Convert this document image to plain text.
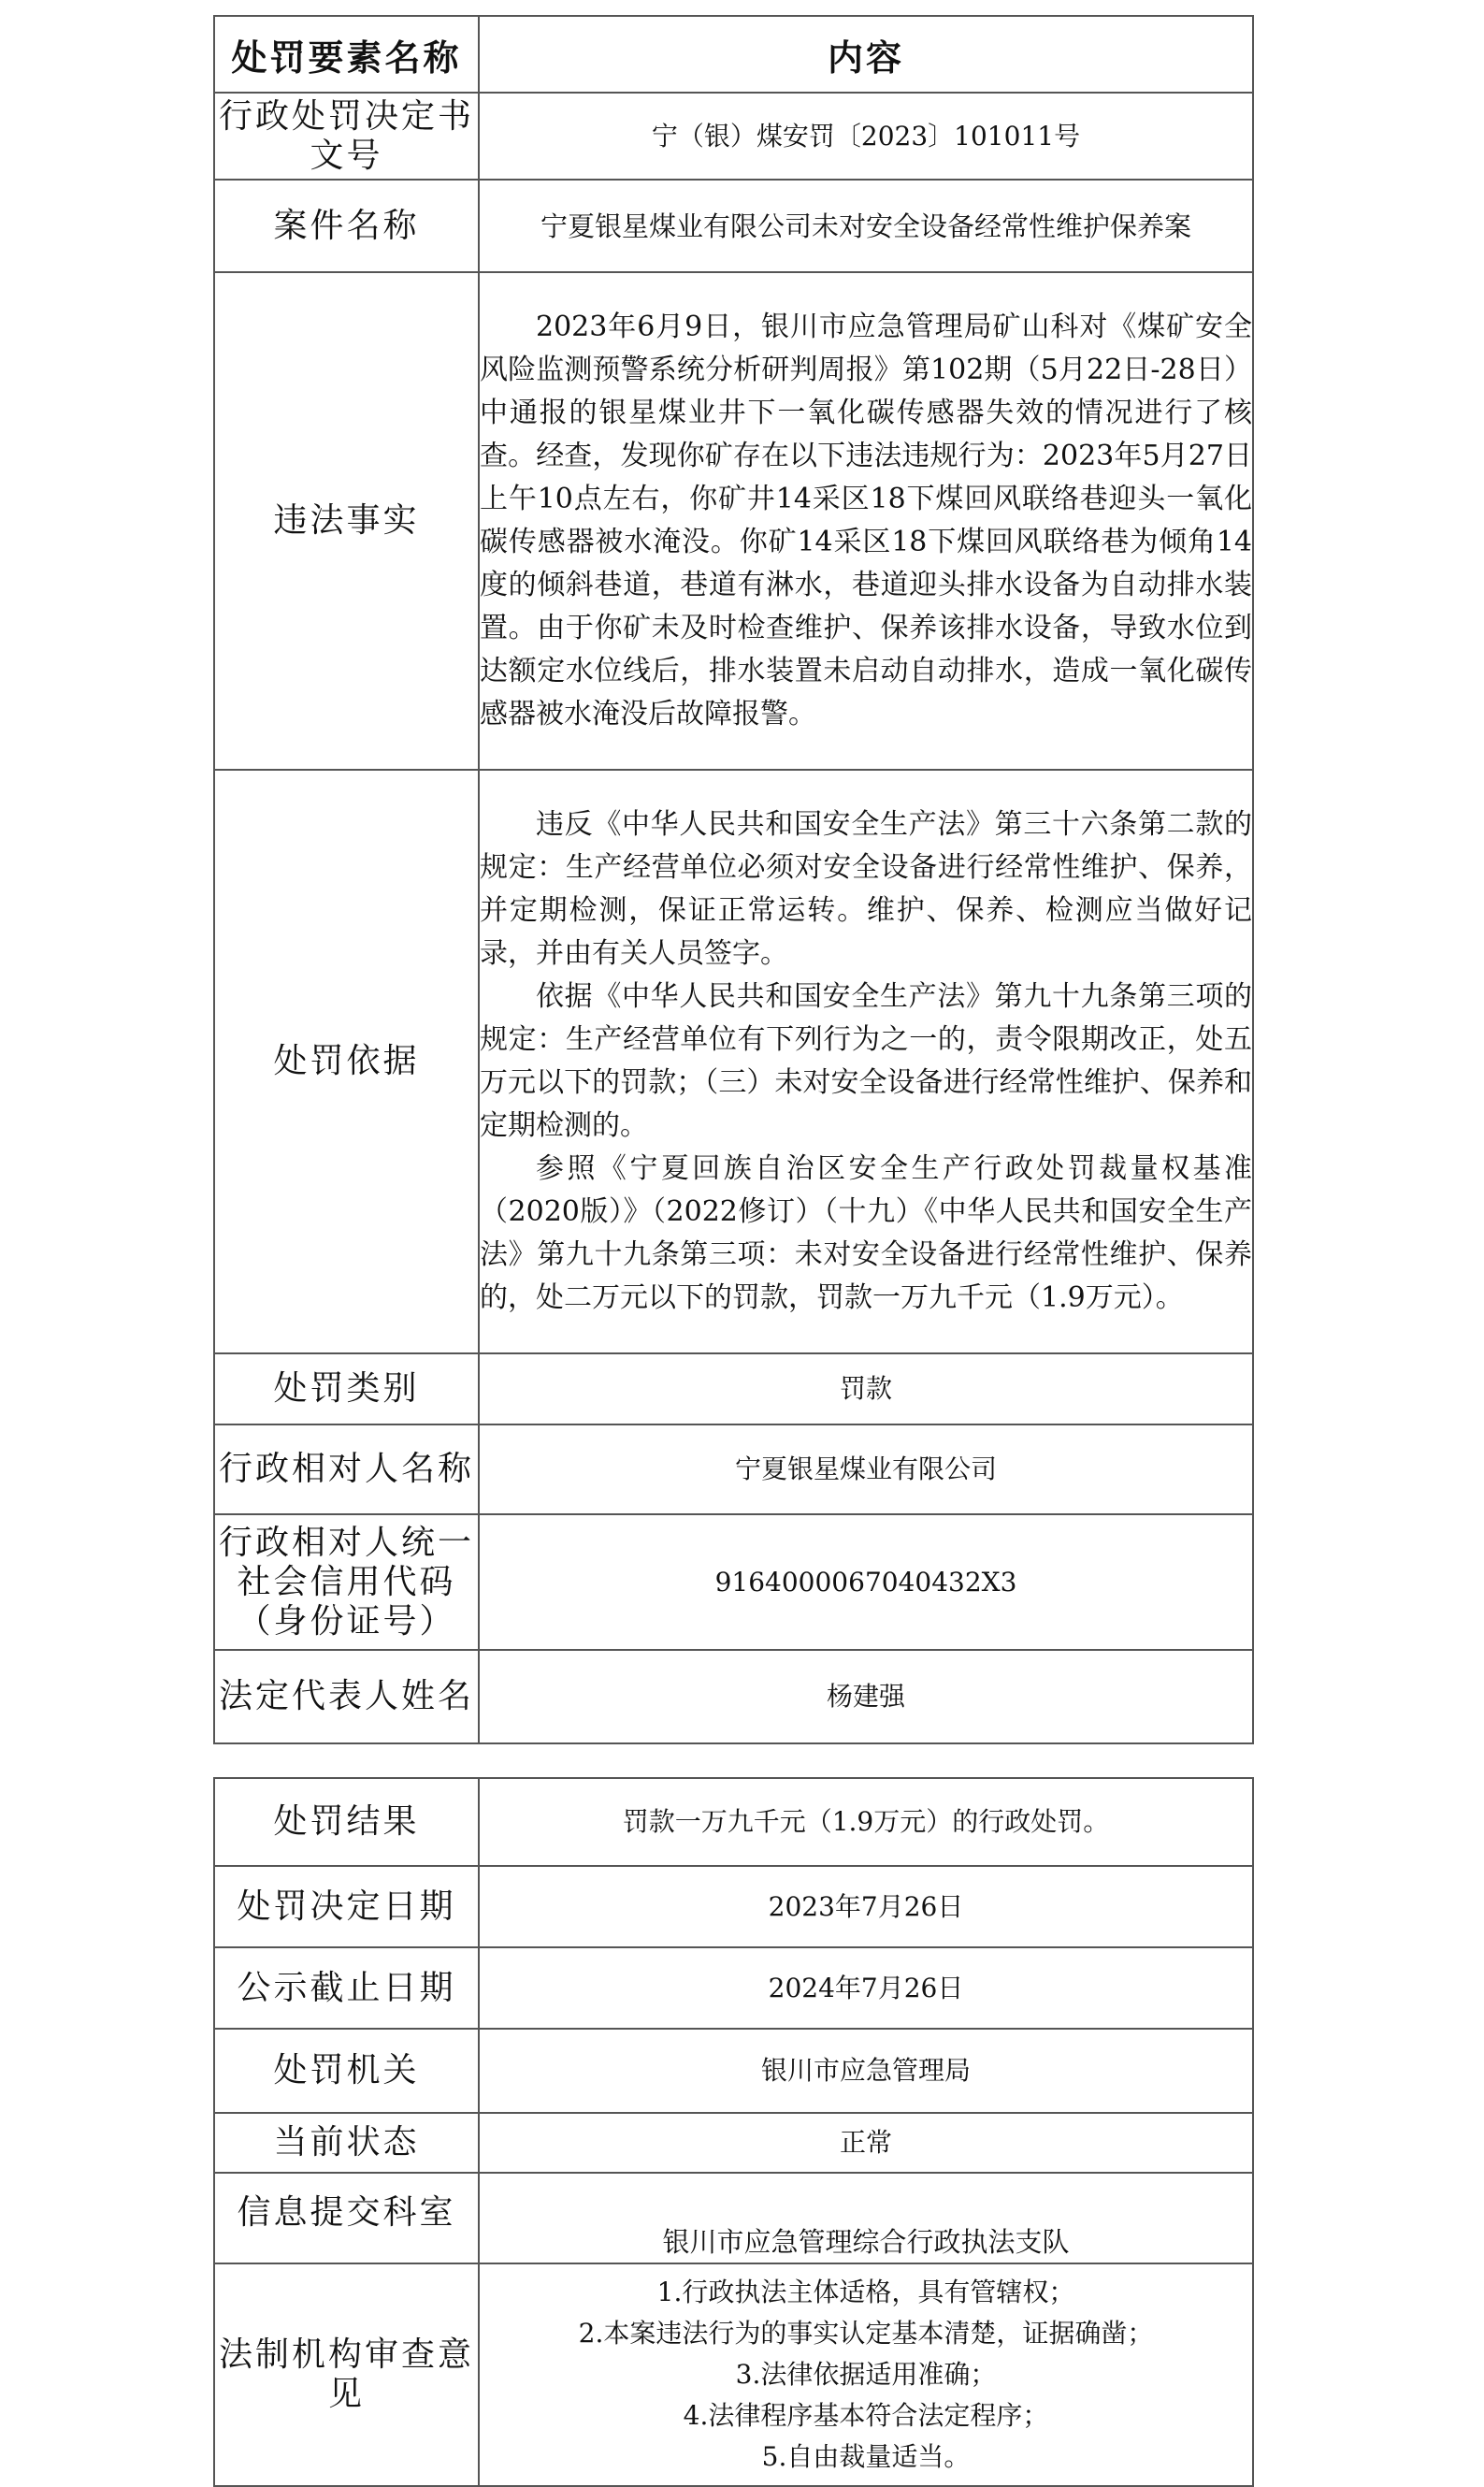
处罚要素名称	内容
行政处罚决定书文号	宁（银）煤安罚〔2023〕101011号
案件名称	宁夏银星煤业有限公司未对安全设备经常性维护保养案
违法事实	2023年6月9日，银川市应急管理局矿山科对《煤矿安全风险监测预警系统分析研判周报》第102期（5月22日-28日）中通报的银星煤业井下一氧化碳传感器失效的情况进行了核查。经查，发现你矿存在以下违法违规行为：2023年5月27日上午10点左右，你矿井14采区18下煤回风联络巷迎头一氧化碳传感器被水淹没。你矿14采区18下煤回风联络巷为倾角14度的倾斜巷道，巷道有淋水，巷道迎头排水设备为自动排水装置。由于你矿未及时检查维护、保养该排水设备，导致水位到达额定水位线后，排水装置未启动自动排水，造成一氧化碳传感器被水淹没后故障报警。

处罚依据	违反《中华人民共和国安全生产法》第三十六条第二款的规定：生产经营单位必须对安全设备进行经常性维护、保养，并定期检测，保证正常运转。维护、保养、检测应当做好记录，并由有关人员签字。

依据《中华人民共和国安全生产法》第九十九条第三项的规定：生产经营单位有下列行为之一的，责令限期改正，处五万元以下的罚款；（三）未对安全设备进行经常性维护、保养和定期检测的。

参照《宁夏回族自治区安全生产行政处罚裁量权基准（2020版）》（2022修订）（十九）《中华人民共和国安全生产法》第九十九条第三项：未对安全设备进行经常性维护、保养的，处二万元以下的罚款，罚款一万九千元（1.9万元）。

处罚类别	罚款
行政相对人名称	宁夏银星煤业有限公司
行政相对人统一社会信用代码（身份证号）	9164000067040432X3
法定代表人姓名	杨建强
处罚结果	罚款一万九千元（1.9万元）的行政处罚。
处罚决定日期	2023年7月26日
公示截止日期	2024年7月26日
处罚机关	银川市应急管理局
当前状态	正常
信息提交科室	银川市应急管理综合行政执法支队
法制机构审查意见	1.行政执法主体适格，具有管辖权；
2.本案违法行为的事实认定基本清楚，证据确凿；
3.法律依据适用准确；
4.法律程序基本符合法定程序；
5.自由裁量适当。
